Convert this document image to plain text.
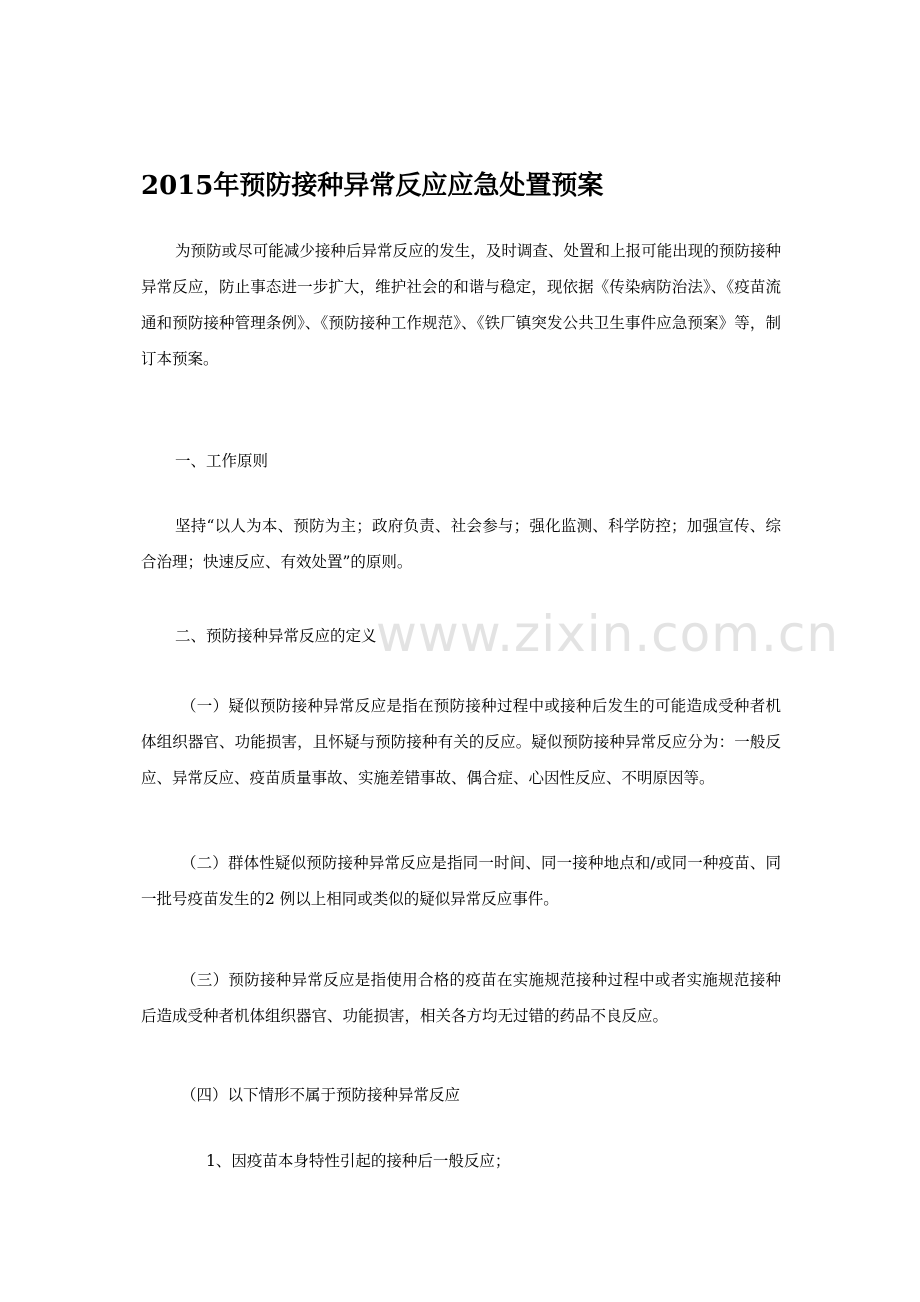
www.zixin.com.cn
2015年预防接种异常反应应急处置预案

为预防或尽可能减少接种后异常反应的发生，及时调查、处置和上报可能出现的预防接种异常反应，防止事态进一步扩大，维护社会的和谐与稳定，现依据《传染病防治法》、《疫苗流通和预防接种管理条例》、《预防接种工作规范》、《铁厂镇突发公共卫生事件应急预案》等，制订本预案。

一、工作原则

坚持“以人为本、预防为主；政府负责、社会参与；强化监测、科学防控；加强宣传、综合治理；快速反应、有效处置”的原则。

二、预防接种异常反应的定义

（一）疑似预防接种异常反应是指在预防接种过程中或接种后发生的可能造成受种者机体组织器官、功能损害，且怀疑与预防接种有关的反应。疑似预防接种异常反应分为：一般反应、异常反应、疫苗质量事故、实施差错事故、偶合症、心因性反应、不明原因等。

（二）群体性疑似预防接种异常反应是指同一时间、同一接种地点和/或同一种疫苗、同一批号疫苗发生的2 例以上相同或类似的疑似异常反应事件。

（三）预防接种异常反应是指使用合格的疫苗在实施规范接种过程中或者实施规范接种后造成受种者机体组织器官、功能损害，相关各方均无过错的药品不良反应。

（四）以下情形不属于预防接种异常反应

1、因疫苗本身特性引起的接种后一般反应；
